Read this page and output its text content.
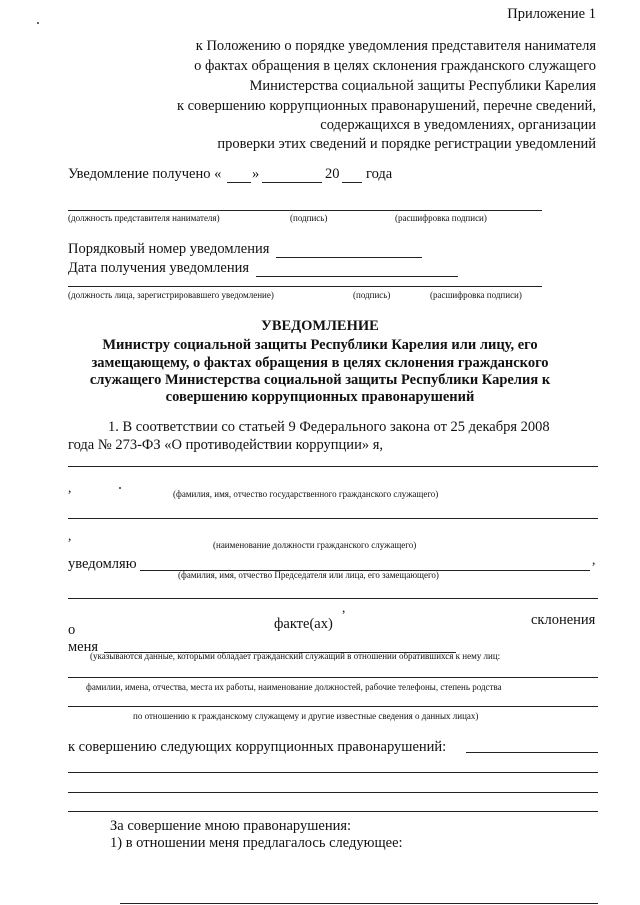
Приложение 1
к Положению о порядке уведомления представителя нанимателя
о фактах обращения в целях склонения гражданского служащего
Министерства социальной защиты Республики Карелия
к совершению коррупционных правонарушений, перечне сведений,
содержащихся в уведомлениях, организации
проверки этих сведений и порядке регистрации уведомлений
Уведомление получено « »	20 года
(должность представителя нанимателя)	(подпись)	(расшифровка подписи)
Порядковый номер уведомления
Дата получения уведомления
(должность лица, зарегистрировавшего уведомление)	(подпись)	(расшифровка подписи)
УВЕДОМЛЕНИЕ
Министру социальной защиты Республики Карелия или лицу, его
замещающему, о фактах обращения в целях склонения гражданского
служащего Министерства социальной защиты Республики Карелия к
совершению коррупционных правонарушений
1. В соответствии со статьей 9 Федерального закона от 25 декабря 2008
года № 273-ФЗ «О противодействии коррупции» я,
,	(фамилия, имя, отчество государственного гражданского служащего)
,
(наименование должности гражданского служащего)
уведомляю	,
(фамилия, имя, отчество Председателя или лица, его замещающего)
,
о	факте(ах)	склонения
меня
(указываются данные, которыми обладает гражданский служащий в отношении обратившихся к нему лиц:
фамилии, имена, отчества, места их работы, наименование должностей, рабочие телефоны, степень родства
по отношению к гражданскому служащему и другие известные сведения о данных лицах)
к совершению следующих коррупционных правонарушений:
За совершение мною правонарушения:
1) в отношении меня предлагалось следующее:
